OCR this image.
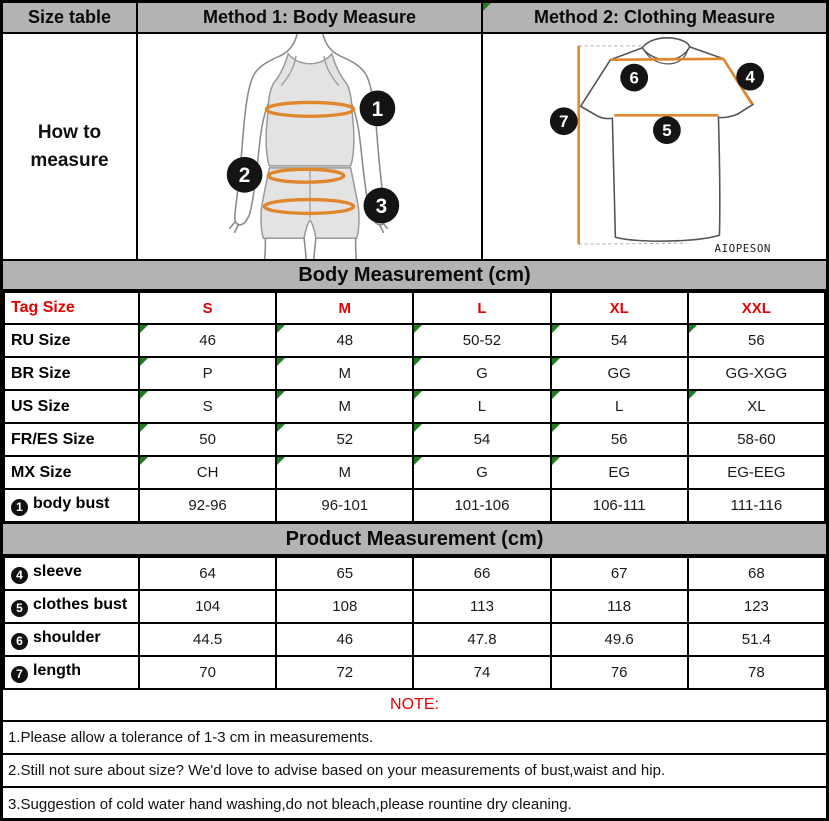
Size table	Method 1: Body Measure	Method 2: Clothing Measure
How to measure
1
2
3
4
5
6
7
AIOPESON
Body Measurement (cm)
Tag Size	S	M	L	XL	XXL
RU Size	46	48	50-52	54	56
BR Size	P	M	G	GG	GG-XGG
US Size	S	M	L	L	XL
FR/ES Size	50	52	54	56	58-60
MX Size	CH	M	G	EG	EG-EEG
1 body bust	92-96	96-101	101-106	106-111	111-116
Product Measurement (cm)
4 sleeve	64	65	66	67	68
5 clothes bust	104	108	113	118	123
6 shoulder	44.5	46	47.8	49.6	51.4
7 length	70	72	74	76	78
NOTE:
1.Please allow a tolerance of 1-3 cm in measurements.
2.Still not sure about size? We'd love to advise based on your measurements of bust,waist and hip.
3.Suggestion of cold water hand washing,do not bleach,please rountine dry cleaning.
